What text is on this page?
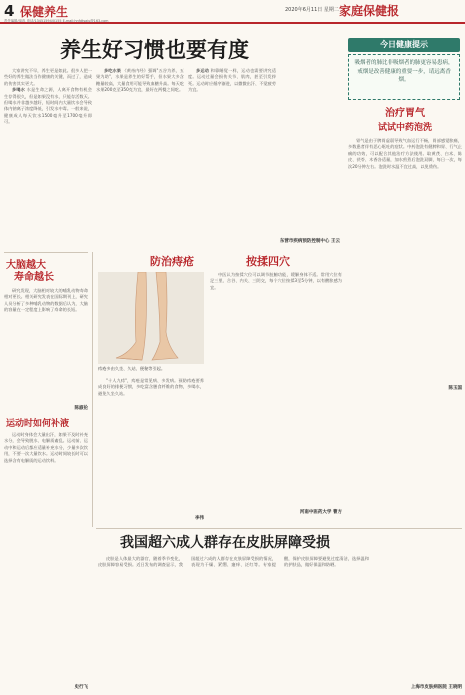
4 保健养生
责任编辑/单冉 电话/13451594/0155 E-mail:hnfdtsaiu@163.com
2020年6月11日 星期二 家庭保健报
养生好习惯也要有度

大家讲究不早，养生更是如此。很多人把一些好的养生做法当作健康的关键，而过了，造成的伤害其实更大。

多喝水 水是生命之源，人离开食物有机会生存得很久，但是如果没有水，只能存活数天。但喝水并非越多越好，短时间内大量饮水会导致体内钠离子浓度降低，引发水中毒。一般来说，健康成人每天饮水1500毫升至1700毫升即可。

多吃水果 《黄帝内经》强调"五谷为养，五果为助"，水果是养生的好帮手，但水果大多含糖量较高，大量食用可能导致血糖升高。每天吃水果200克至350克为宜，最好在两餐之间吃。

多运动 和靠睡觉一样，运动也需要讲究适度。运动过量会损伤关节、肌肉，甚至引发猝死。运动时应循序渐进，以微微出汗、不觉疲劳为宜。

东营市疾病预防控制中心 王云
今日健康提示
吸烟者的肺比非吸烟者的肺更容易患病，戒烟是改善健康的重要一步，请远离香烟。
治疗胃气
试试中药泡洗

胃气是由于脾胃虚弱导致气血运行不畅，胃部感觉胀痛，多数患者伴有恶心呕吐的症状。中药泡洗有健脾和胃、行气止痛的功效，可以配合其他治疗方法使用。取黄芪、白术、陈皮、茯苓、木香各适量，加水煎煮后泡洗双脚，每日一次，每次20分钟左右。泡洗时水温不宜过高，以免烫伤。

陈玉国
大脑越大
寿命越长

研究发现，大脑相对较大的哺乳动物寿命相对更长。相关研究发表在国际期刊上，研究人员分析了多种哺乳动物的数据后认为，大脑的容量在一定程度上影响了寿命的长短。

陈淑伦
运动时如何补液

运动时身体会大量出汗，如果不及时补充水分，会导致脱水、电解质紊乱。运动前、运动中和运动后都应适量补充水分，少量多次饮用，不要一次大量饮水。运动时间较长时可以选择含有电解质的运动饮料。

防治痔疮
痔疮多由久坐、久站、便秘等引起。

"十人九痔"，痔疮是常见病、多发病。预防痔疮要养成良好的排便习惯，多吃富含膳食纤维的食物，多喝水，避免久坐久站。

李伟
按揉四穴

中医认为按揉穴位可以调节脏腑功能，缓解身体不适。常用穴位有足三里、合谷、内关、三阴交，每个穴位按揉3至5分钟，以有酸胀感为宜。

河南中医药大学 曹方
我国超六成人群存在皮肤屏障受损

皮肤是人体最大的器官，随着季节变化，皮肤屏障容易受损。近日发布的调查显示，我国超过六成的人群存在皮肤屏障受损的情况，表现为干燥、紧绷、瘙痒、泛红等。专家提醒，保护皮肤屏障要避免过度清洁，选择温和的护肤品，做好保湿和防晒。

上海市皮肤病医院 王晓明
史行飞
